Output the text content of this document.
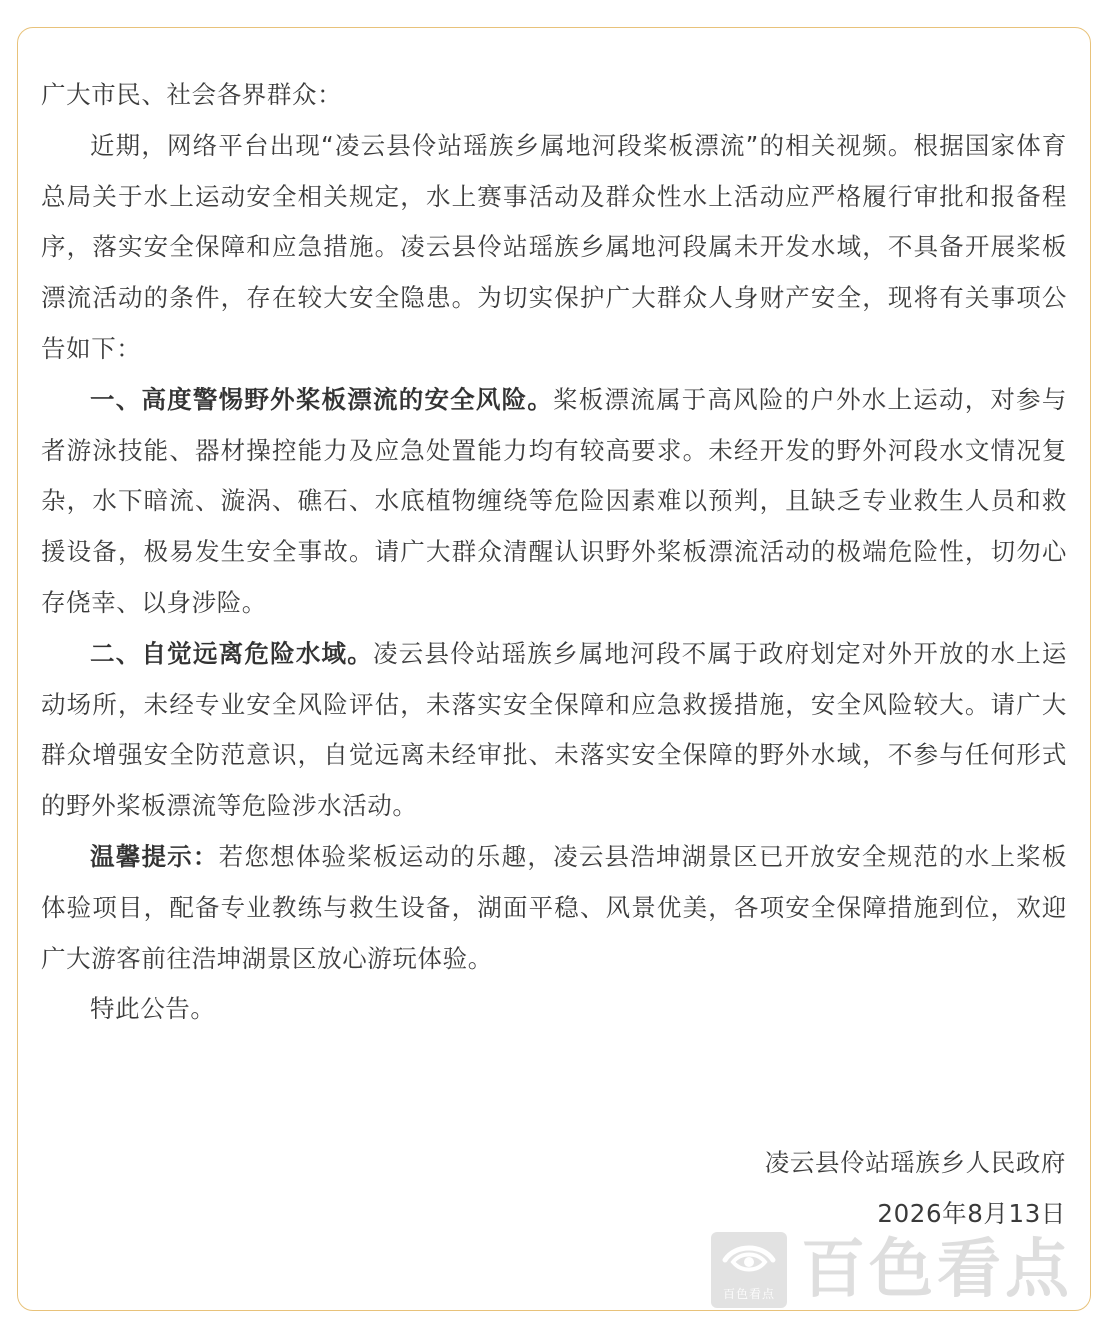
广大市民、社会各界群众：

近期，网络平台出现“凌云县伶站瑶族乡属地河段桨板漂流”的相关视频。根据国家体育总局关于水上运动安全相关规定，水上赛事活动及群众性水上活动应严格履行审批和报备程序，落实安全保障和应急措施。凌云县伶站瑶族乡属地河段属未开发水域，不具备开展桨板漂流活动的条件，存在较大安全隐患。为切实保护广大群众人身财产安全，现将有关事项公告如下：

一、高度警惕野外桨板漂流的安全风险。桨板漂流属于高风险的户外水上运动，对参与者游泳技能、器材操控能力及应急处置能力均有较高要求。未经开发的野外河段水文情况复杂，水下暗流、漩涡、礁石、水底植物缠绕等危险因素难以预判，且缺乏专业救生人员和救援设备，极易发生安全事故。请广大群众清醒认识野外桨板漂流活动的极端危险性，切勿心存侥幸、以身涉险。

二、自觉远离危险水域。凌云县伶站瑶族乡属地河段不属于政府划定对外开放的水上运动场所，未经专业安全风险评估，未落实安全保障和应急救援措施，安全风险较大。请广大群众增强安全防范意识，自觉远离未经审批、未落实安全保障的野外水域，不参与任何形式的野外桨板漂流等危险涉水活动。

温馨提示：若您想体验桨板运动的乐趣，凌云县浩坤湖景区已开放安全规范的水上桨板体验项目，配备专业教练与救生设备，湖面平稳、风景优美，各项安全保障措施到位，欢迎广大游客前往浩坤湖景区放心游玩体验。

特此公告。

凌云县伶站瑶族乡人民政府
2026年8月13日
百色看点 百色看点
